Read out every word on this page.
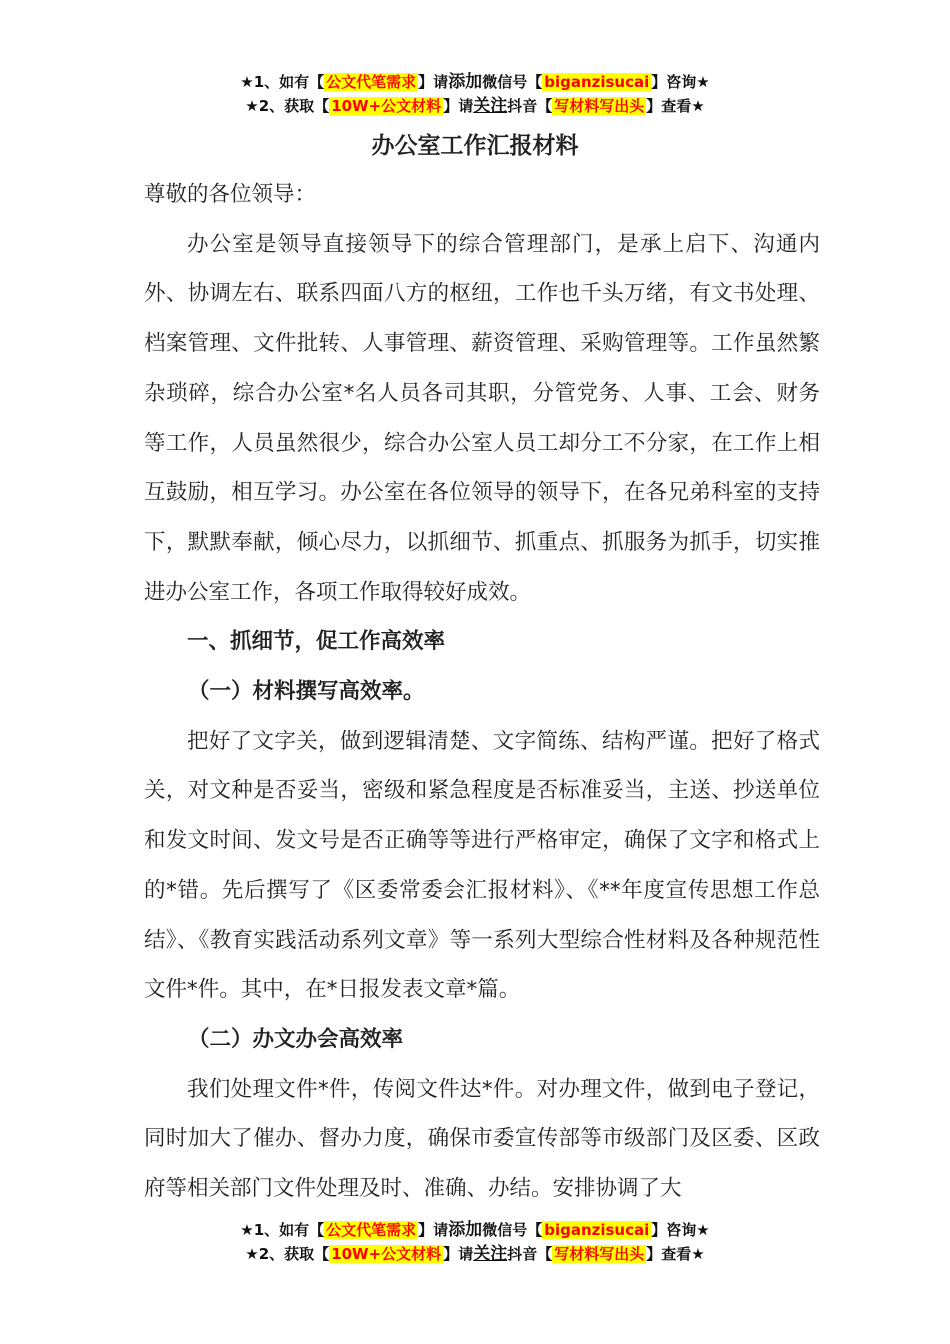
★1、如有【 公文代笔需求 】请添加微信号【 biganzisucai 】咨询★
★2、获取【 10W+公文材料 】请关注抖音【 写材料写出头 】查看★
办公室工作汇报材料

尊敬的各位领导：

办公室是领导直接领导下的综合管理部门，是承上启下、沟通内外、协调左右、联系四面八方的枢纽，工作也千头万绪，有文书处理、档案管理、文件批转、人事管理、薪资管理、采购管理等。工作虽然繁杂琐碎，综合办公室*名人员各司其职，分管党务、人事、工会、财务等工作，人员虽然很少，综合办公室人员工却分工不分家，在工作上相互鼓励，相互学习。办公室在各位领导的领导下，在各兄弟科室的支持下，默默奉献，倾心尽力，以抓细节、抓重点、抓服务为抓手，切实推进办公室工作，各项工作取得较好成效。

一、抓细节，促工作高效率

（一）材料撰写高效率。

把好了文字关，做到逻辑清楚、文字简练、结构严谨。把好了格式关，对文种是否妥当，密级和紧急程度是否标准妥当，主送、抄送单位和发文时间、发文号是否正确等等进行严格审定，确保了文字和格式上的*错。先后撰写了《区委常委会汇报材料》、《**年度宣传思想工作总结》、《教育实践活动系列文章》等一系列大型综合性材料及各种规范性文件*件。其中，在*日报发表文章*篇。

（二）办文办会高效率

我们处理文件*件，传阅文件达*件。对办理文件，做到电子登记，同时加大了催办、督办力度，确保市委宣传部等市级部门及区委、区政府等相关部门文件处理及时、准确、办结。安排协调了大

★1、如有【 公文代笔需求 】请添加微信号【 biganzisucai 】咨询★
★2、获取【 10W+公文材料 】请关注抖音【 写材料写出头 】查看★
